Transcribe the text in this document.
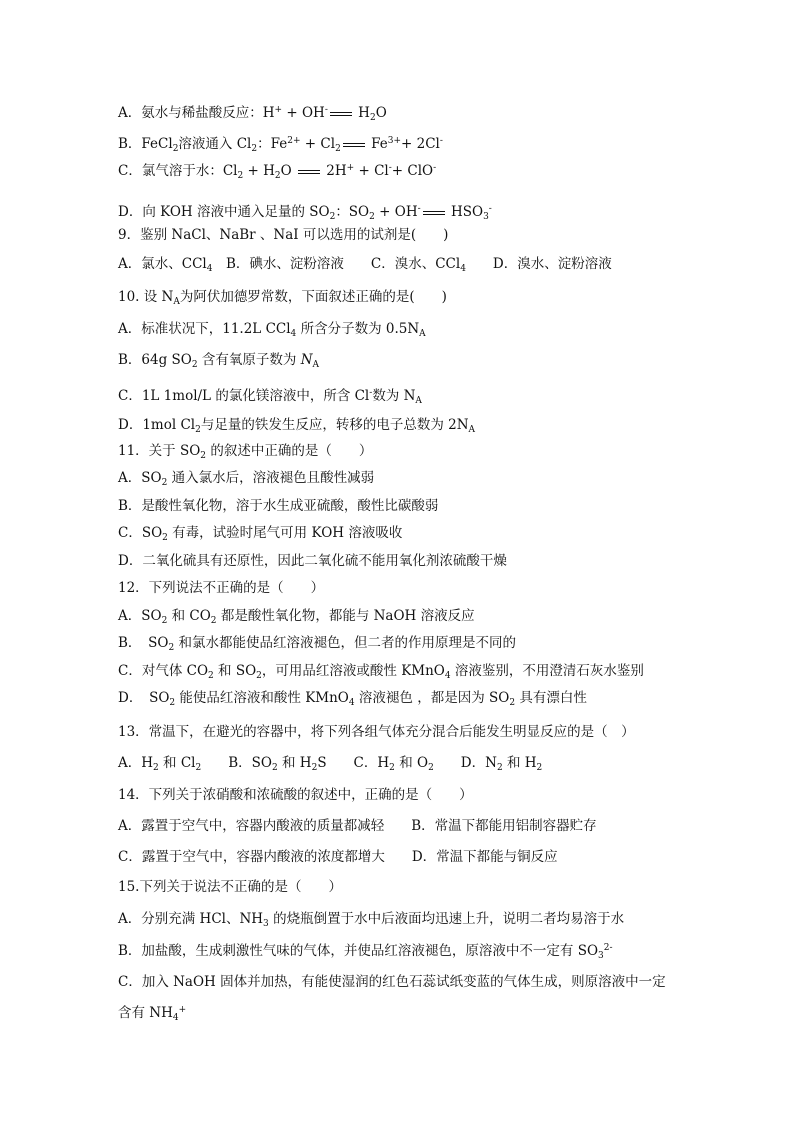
A．氨水与稀盐酸反应：H+ + OH- $H_2O$
B．FeCl$_2$溶液通入 $Cl_2$：$Fe^{2+} + Cl_2$ $Fe^{3+}+ 2Cl^-$
C．氯气溶于水：$Cl_2 + H_2O$  2H+ + Cl-+ ClO-
D．向 KOH 溶液中通入足量的 $SO_2$：$SO_2 + OH^-$ $HSO_3^-$
9．鉴别 NaCl、NaBr 、NaI 可以选用的试剂是(　　)
A．氯水、CCl$_4$　B．碘水、淀粉溶液　　C．溴水、CCl$_4$　　D．溴水、淀粉溶液
10. 设 $N_A$为阿伏加德罗常数，下面叙述正确的是(　　)
A．标准状况下，11.2L CCl$_4$ 所含分子数为 $0.5N_A$
B．64g $SO_2$ 含有氧原子数为 $N_A$
C．1L 1mol/L 的氯化镁溶液中，所含 Cl-数为 $N_A$
D．1mol $Cl_2$与足量的铁发生反应，转移的电子总数为 $2N_A$
11．关于 $SO_2$ 的叙述中正确的是（　　）
A．$SO_2$ 通入氯水后，溶液褪色且酸性减弱
B．是酸性氧化物，溶于水生成亚硫酸，酸性比碳酸弱
C．$SO_2$ 有毒，试验时尾气可用 KOH 溶液吸收
D．二氧化硫具有还原性，因此二氧化硫不能用氧化剂浓硫酸干燥
12．下列说法不正确的是（　　）
A．$SO_2$ 和 $CO_2$ 都是酸性氧化物，都能与 NaOH 溶液反应
B．　$SO_2$ 和氯水都能使品红溶液褪色，但二者的作用原理是不同的
C．对气体 $CO_2$ 和 $SO_2$，可用品红溶液或酸性 KMnO$_4$ 溶液鉴别，不用澄清石灰水鉴别
D．　$SO_2$ 能使品红溶液和酸性 KMnO$_4$ 溶液褪色 ，都是因为 $SO_2$ 具有漂白性
13．常温下，在避光的容器中，将下列各组气体充分混合后能发生明显反应的是（　）
A．$H_2$ 和 $Cl_2$　　B．$SO_2$ 和 $H_2S$　　C．$H_2$ 和 $O_2$　　D．$N_2$ 和 $H_2$
14．下列关于浓硝酸和浓硫酸的叙述中，正确的是（　　）
A．露置于空气中，容器内酸液的质量都减轻　　B．常温下都能用铝制容器贮存
C．露置于空气中，容器内酸液的浓度都增大　　D．常温下都能与铜反应
15.下列关于说法不正确的是（　　）
A．分别充满 HCl、$NH_3$ 的烧瓶倒置于水中后液面均迅速上升，说明二者均易溶于水
B．加盐酸，生成刺激性气味的气体，并使品红溶液褪色，原溶液中不一定有 $SO_3^{2-}$
C．加入 NaOH 固体并加热，有能使湿润的红色石蕊试纸变蓝的气体生成，则原溶液中一定
含有 $NH_4^+$
